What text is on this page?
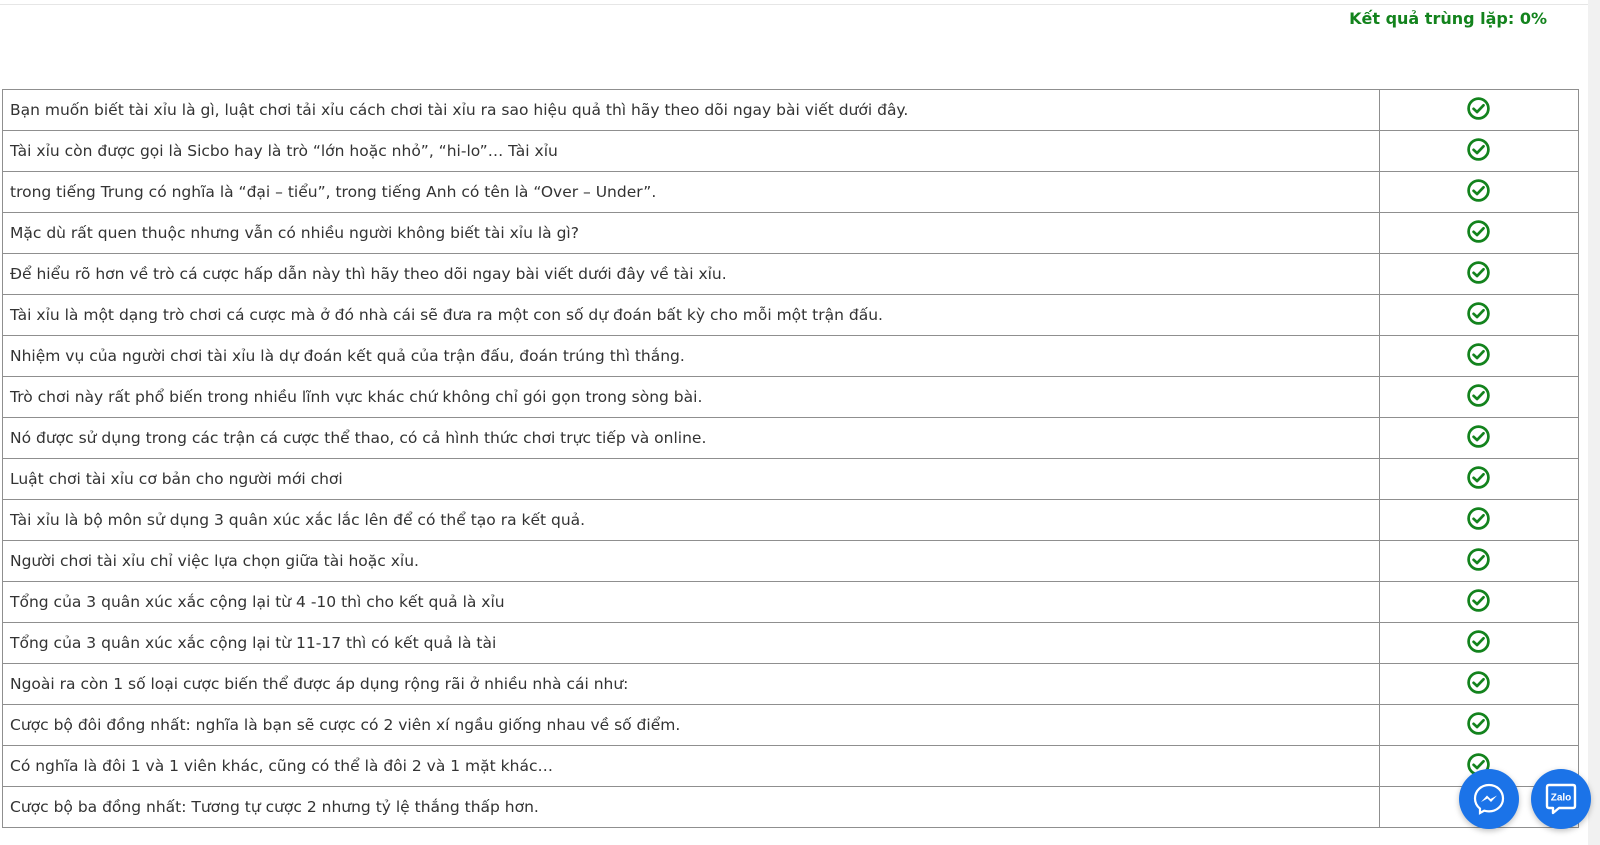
Kết quả trùng lặp: 0%
Bạn muốn biết tài xỉu là gì, luật chơi tải xỉu cách chơi tài xỉu ra sao hiệu quả thì hãy theo dõi ngay bài viết dưới đây.	
Tài xỉu còn được gọi là Sicbo hay là trò “lớn hoặc nhỏ”, “hi-lo”… Tài xỉu	
trong tiếng Trung có nghĩa là “đại – tiểu”, trong tiếng Anh có tên là “Over – Under”.	
Mặc dù rất quen thuộc nhưng vẫn có nhiều người không biết tài xỉu là gì?	
Để hiểu rõ hơn về trò cá cược hấp dẫn này thì hãy theo dõi ngay bài viết dưới đây về tài xỉu.	
Tài xỉu là một dạng trò chơi cá cược mà ở đó nhà cái sẽ đưa ra một con số dự đoán bất kỳ cho mỗi một trận đấu.	
Nhiệm vụ của người chơi tài xỉu là dự đoán kết quả của trận đấu, đoán trúng thì thắng.	
Trò chơi này rất phổ biến trong nhiều lĩnh vực khác chứ không chỉ gói gọn trong sòng bài.	
Nó được sử dụng trong các trận cá cược thể thao, có cả hình thức chơi trực tiếp và online.	
Luật chơi tài xỉu cơ bản cho người mới chơi	
Tài xỉu là bộ môn sử dụng 3 quân xúc xắc lắc lên để có thể tạo ra kết quả.	
Người chơi tài xỉu chỉ việc lựa chọn giữa tài hoặc xỉu.	
Tổng của 3 quân xúc xắc cộng lại từ 4 -10 thì cho kết quả là xỉu	
Tổng của 3 quân xúc xắc cộng lại từ 11-17 thì có kết quả là tài	
Ngoài ra còn 1 số loại cược biến thể được áp dụng rộng rãi ở nhiều nhà cái như:	
Cược bộ đôi đồng nhất: nghĩa là bạn sẽ cược có 2 viên xí ngầu giống nhau về số điểm.	
Có nghĩa là đôi 1 và 1 viên khác, cũng có thể là đôi 2 và 1 mặt khác…	
Cược bộ ba đồng nhất: Tương tự cược 2 nhưng tỷ lệ thắng thấp hơn.		Zalo
